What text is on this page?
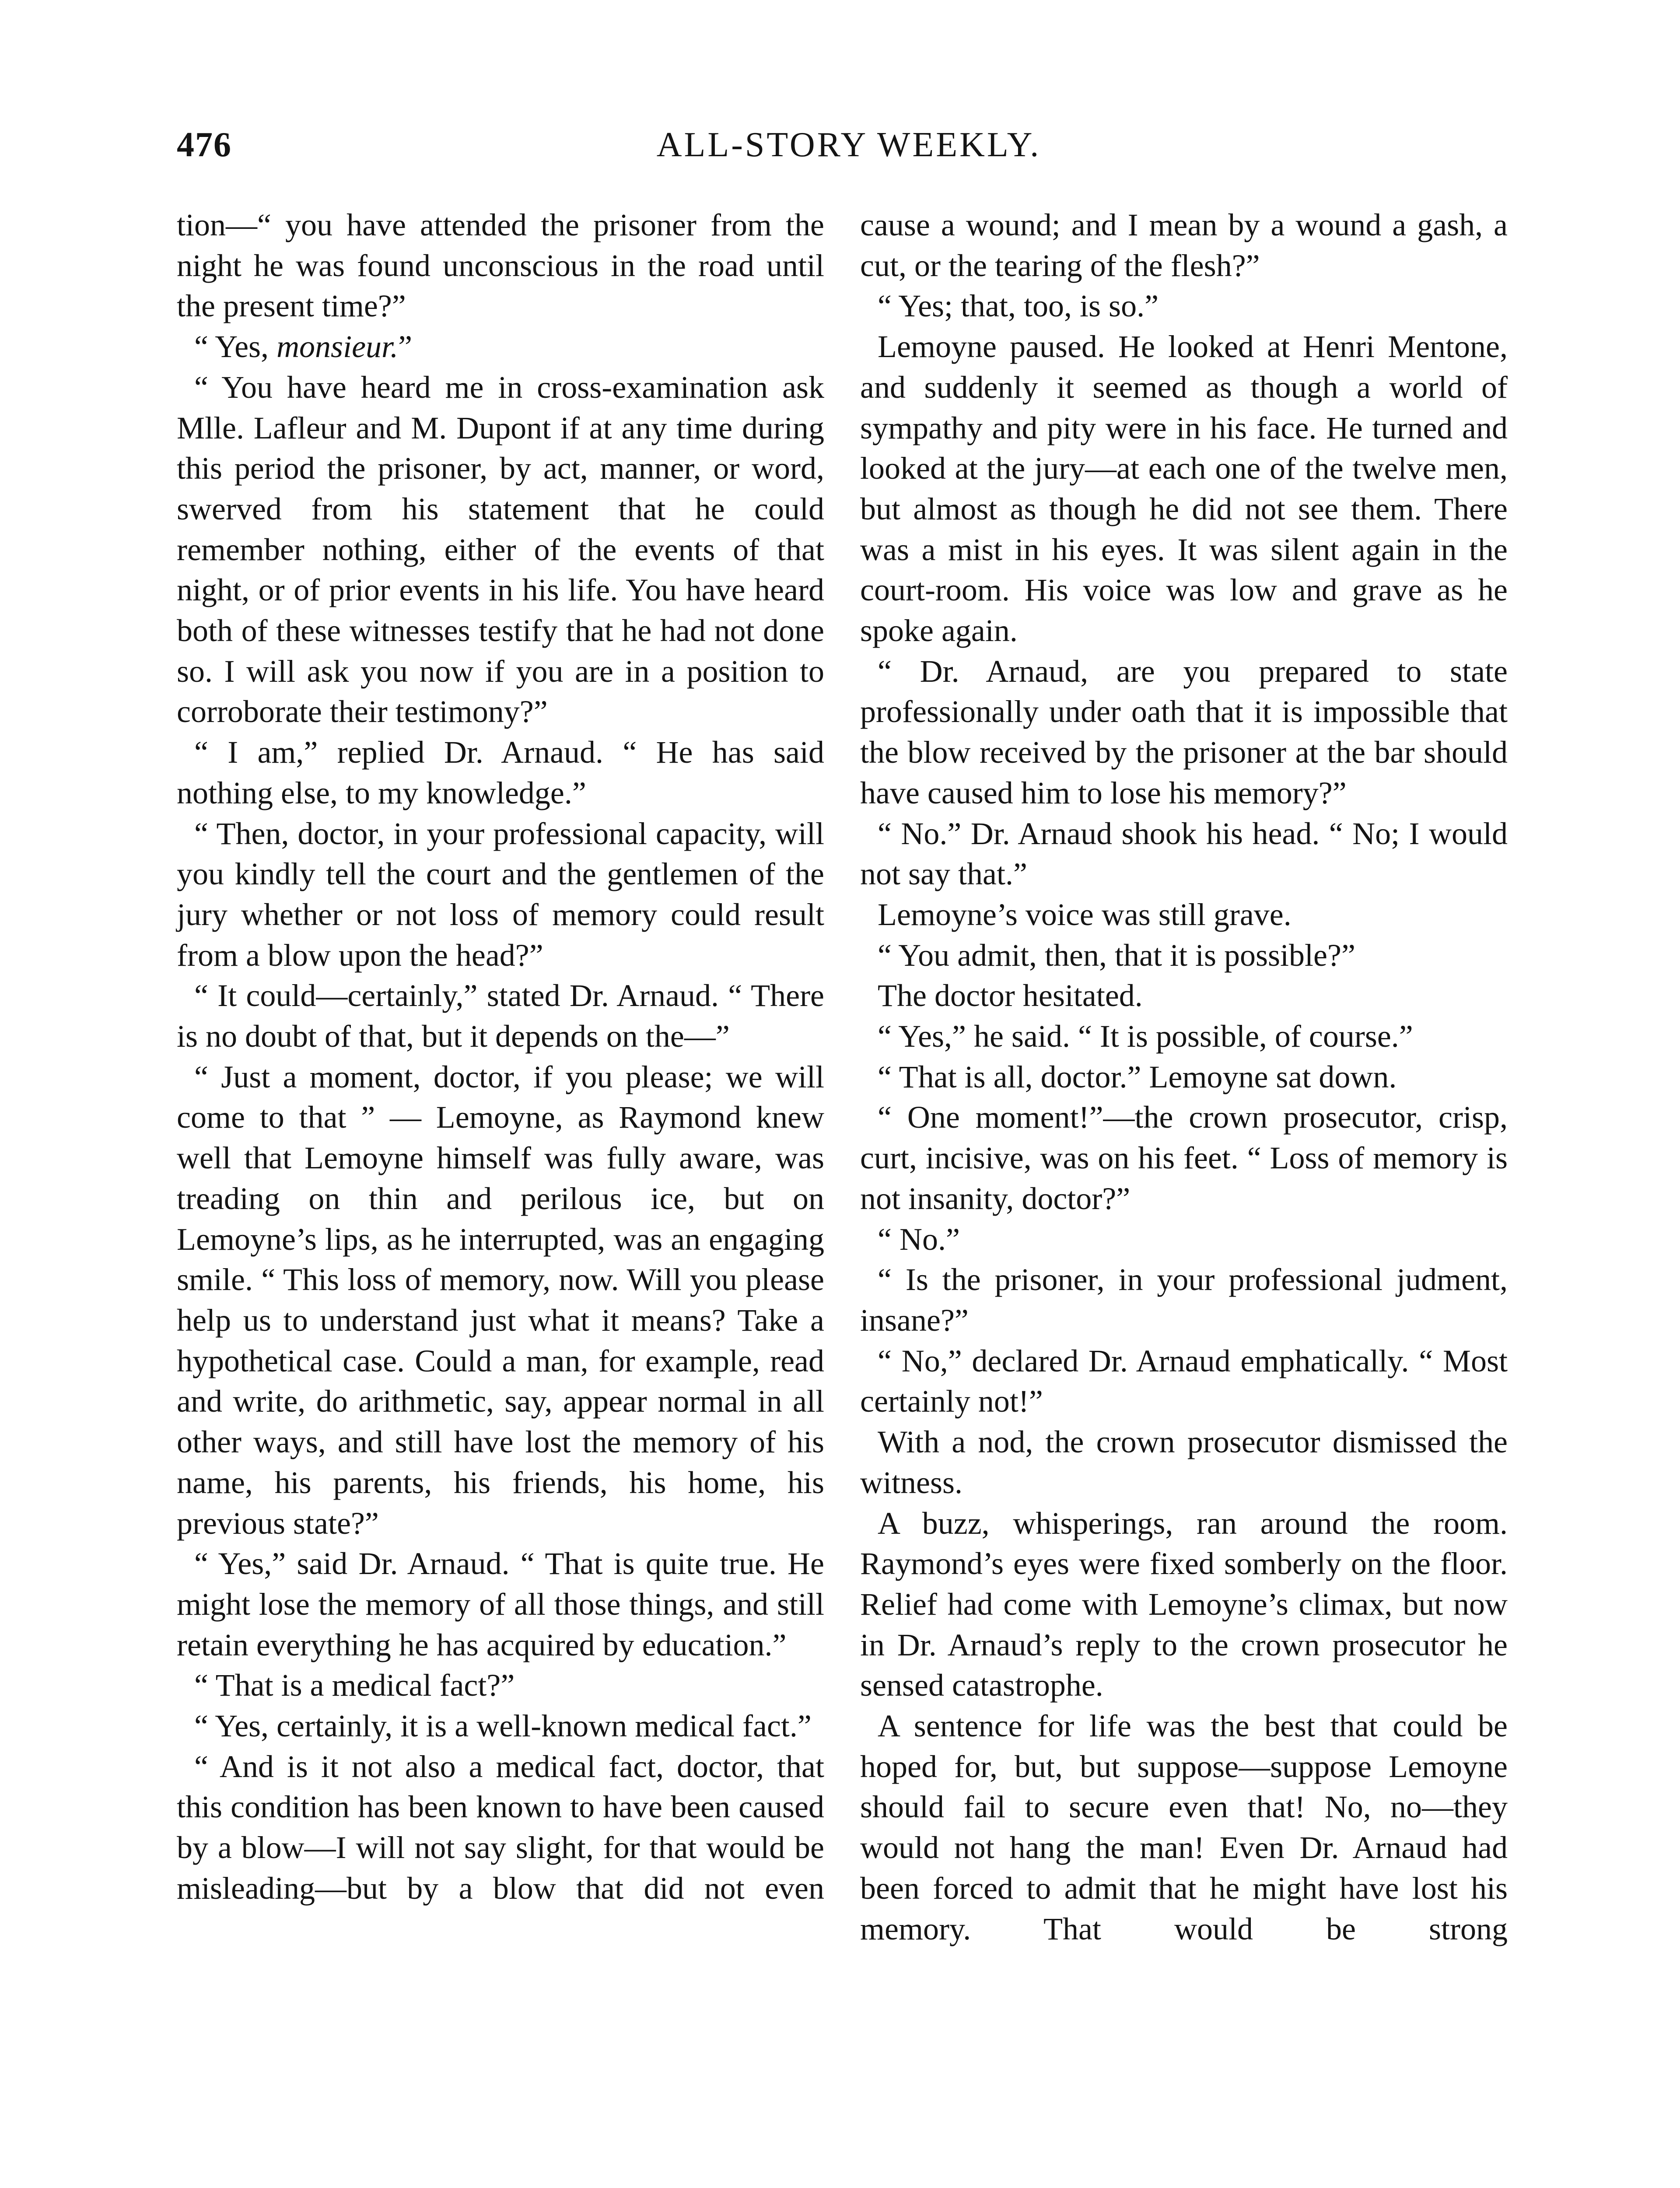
476	ALL-STORY WEEKLY.

tion—“ you have attended the prisoner from the night he was found unconscious in the road until the present time?”

“ Yes, monsieur.”

“ You have heard me in cross-examination ask Mlle. Lafleur and M. Dupont if at any time during this period the prisoner, by act, manner, or word, swerved from his statement that he could remember nothing, either of the events of that night, or of prior events in his life. You have heard both of these witnesses testify that he had not done so. I will ask you now if you are in a position to corroborate their testimony?”

“ I am,” replied Dr. Arnaud. “ He has said nothing else, to my knowledge.”

“ Then, doctor, in your professional capacity, will you kindly tell the court and the gentlemen of the jury whether or not loss of memory could result from a blow upon the head?”

“ It could—certainly,” stated Dr. Arnaud. “ There is no doubt of that, but it depends on the—”

“ Just a moment, doctor, if you please; we will come to that ” — Lemoyne, as Raymond knew well that Lemoyne himself was fully aware, was treading on thin and perilous ice, but on Lemoyne’s lips, as he interrupted, was an engaging smile. “ This loss of memory, now. Will you please help us to understand just what it means? Take a hypothetical case. Could a man, for example, read and write, do arithmetic, say, appear normal in all other ways, and still have lost the memory of his name, his parents, his friends, his home, his previous state?”

“ Yes,” said Dr. Arnaud. “ That is quite true. He might lose the memory of all those things, and still retain everything he has acquired by education.”

“ That is a medical fact?”

“ Yes, certainly, it is a well-known medical fact.”

“ And is it not also a medical fact, doctor, that this condition has been known to have been caused by a blow—I will not say slight, for that would be misleading—but by a blow that did not even

cause a wound; and I mean by a wound a gash, a cut, or the tearing of the flesh?”

“ Yes; that, too, is so.”

Lemoyne paused. He looked at Henri Mentone, and suddenly it seemed as though a world of sympathy and pity were in his face. He turned and looked at the jury—at each one of the twelve men, but almost as though he did not see them. There was a mist in his eyes. It was silent again in the court-room. His voice was low and grave as he spoke again.

“ Dr. Arnaud, are you prepared to state professionally under oath that it is impossible that the blow received by the prisoner at the bar should have caused him to lose his memory?”

“ No.” Dr. Arnaud shook his head. “ No; I would not say that.”

Lemoyne’s voice was still grave.

“ You admit, then, that it is possible?”

The doctor hesitated.

“ Yes,” he said. “ It is possible, of course.”

“ That is all, doctor.” Lemoyne sat down.

“ One moment!”—the crown prosecutor, crisp, curt, incisive, was on his feet. “ Loss of memory is not insanity, doctor?”

“ No.”

“ Is the prisoner, in your professional judment, insane?”

“ No,” declared Dr. Arnaud emphatically. “ Most certainly not!”

With a nod, the crown prosecutor dismissed the witness.

A buzz, whisperings, ran around the room. Raymond’s eyes were fixed somberly on the floor. Relief had come with Lemoyne’s climax, but now in Dr. Arnaud’s reply to the crown prosecutor he sensed catastrophe.

A sentence for life was the best that could be hoped for, but, but suppose—suppose Lemoyne should fail to secure even that! No, no—they would not hang the man! Even Dr. Arnaud had been forced to admit that he might have lost his memory. That would be strong
